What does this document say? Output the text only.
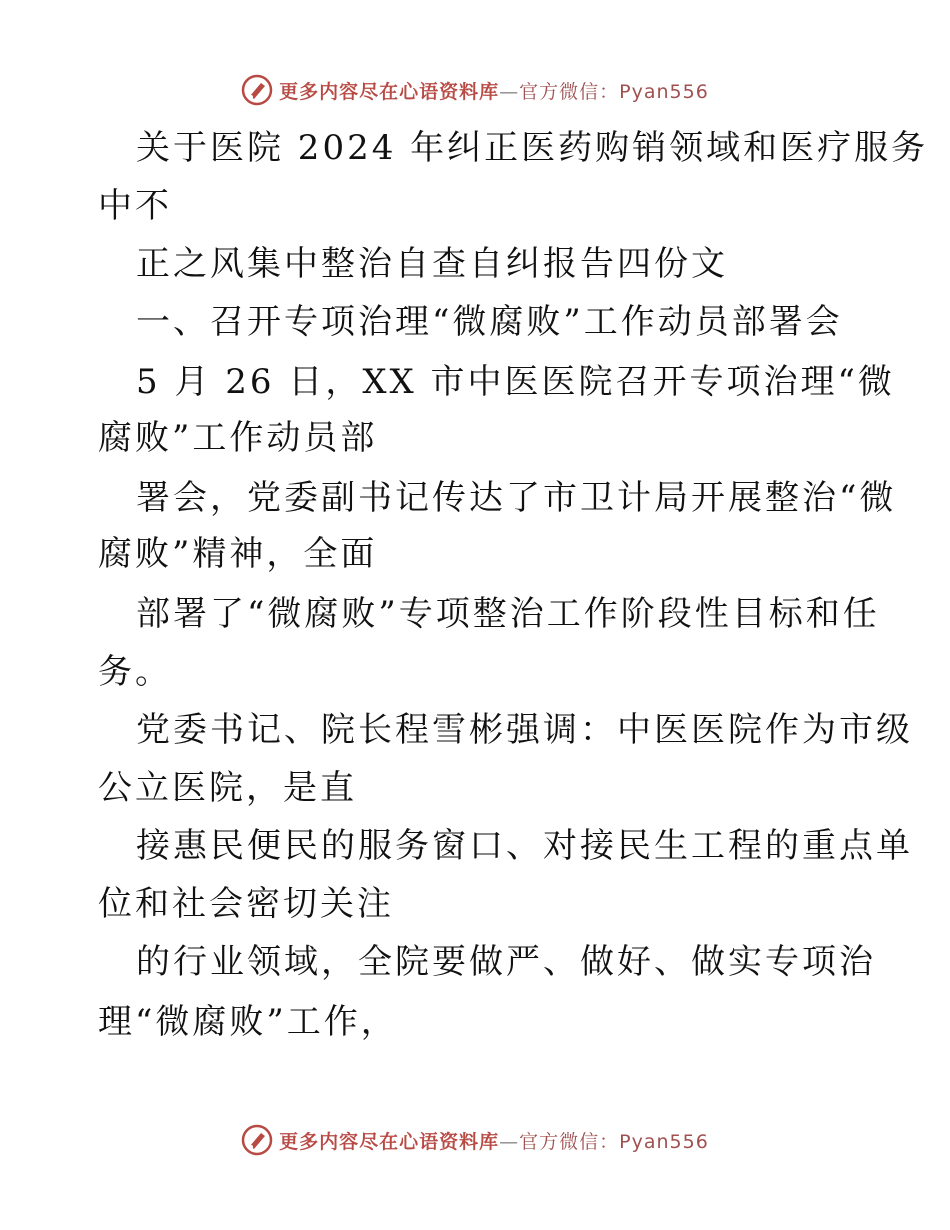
更多内容尽在心语资料库—官方微信：Pyan556
关于医院 2024 年纠正医药购销领域和医疗服务
中不
正之风集中整治自查自纠报告四份文
一、召开专项治理“微腐败”工作动员部署会
5 月 26 日，XX 市中医医院召开专项治理“微
腐败”工作动员部
署会，党委副书记传达了市卫计局开展整治“微
腐败”精神，全面
部署了“微腐败”专项整治工作阶段性目标和任
务。
党委书记、院长程雪彬强调：中医医院作为市级
公立医院，是直
接惠民便民的服务窗口、对接民生工程的重点单
位和社会密切关注
的行业领域，全院要做严、做好、做实专项治
理“微腐败”工作，
更多内容尽在心语资料库—官方微信：Pyan556
